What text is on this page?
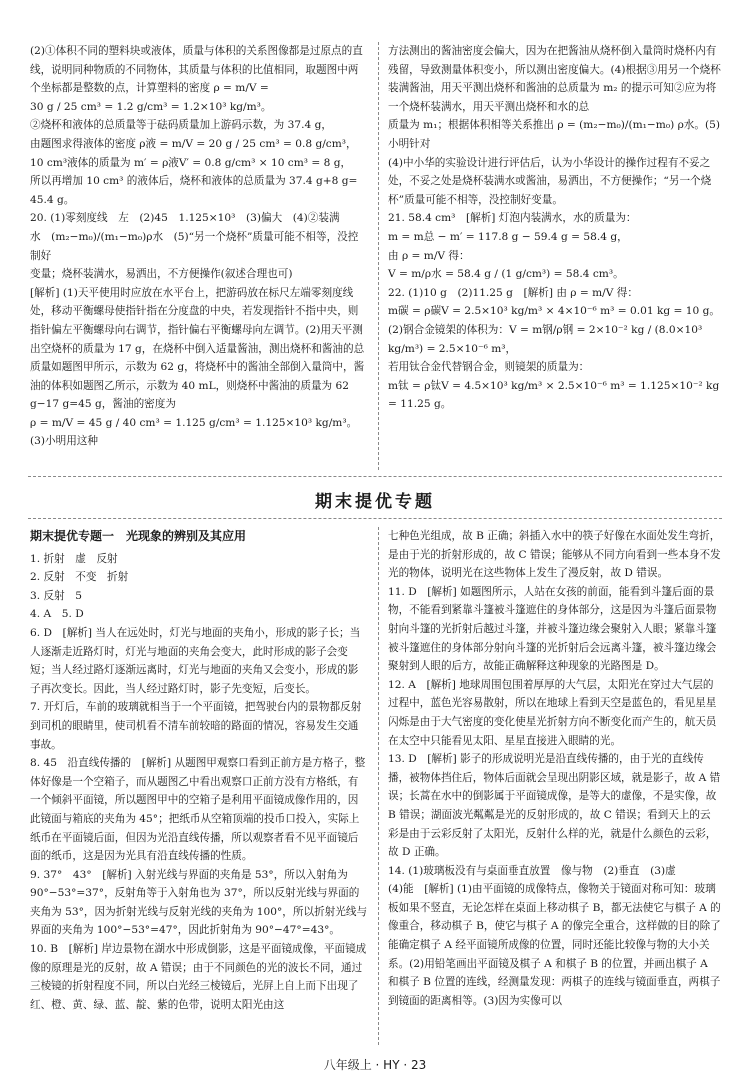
(2)①体积不同的塑料块或液体，质量与体积的关系图像都是过原点的直线，说明同种物质的不同物体，其质量与体积的比值相同，取题图中两个坐标都是整数的点，计算塑料的密度 ρ = m/V =

30 g / 25 cm³ = 1.2 g/cm³ = 1.2×10³ kg/m³。

②烧杯和液体的总质量等于砝码质量加上游码示数，为 37.4 g，

由题图求得液体的密度 ρ液 = m/V = 20 g / 25 cm³ = 0.8 g/cm³，

10 cm³液体的质量为 m′ = ρ液V′ = 0.8 g/cm³ × 10 cm³ = 8 g，

所以再增加 10 cm³ 的液体后，烧杯和液体的总质量为 37.4 g+8 g=

45.4 g。

20. (1)零刻度线　左　(2)45　1.125×10³　(3)偏大　(4)②装满

水　(m₂−m₀)/(m₁−m₀)ρ水　(5)“另一个烧杯”质量可能不相等，没控制好

变量；烧杯装满水，易洒出，不方便操作(叙述合理也可)

[解析] (1)天平使用时应放在水平台上，把游码放在标尺左端零刻度线处，移动平衡螺母使指针指在分度盘的中央，若发现指针不指中央，则指针偏左平衡螺母向右调节，指针偏右平衡螺母向左调节。(2)用天平测出空烧杯的质量为 17 g，在烧杯中倒入适量酱油，测出烧杯和酱油的总质量如题图甲所示，示数为 62 g，将烧杯中的酱油全部倒入量筒中，酱油的体积如题图乙所示，示数为 40 mL，则烧杯中酱油的质量为 62 g−17 g=45 g，酱油的密度为

ρ = m/V = 45 g / 40 cm³ = 1.125 g/cm³ = 1.125×10³ kg/m³。(3)小明用这种

方法测出的酱油密度会偏大，因为在把酱油从烧杯倒入量筒时烧杯内有残留，导致测量体积变小，所以测出密度偏大。(4)根据③用另一个烧杯装满酱油，用天平测出烧杯和酱油的总质量为 m₂ 的提示可知②应为将一个烧杯装满水，用天平测出烧杯和水的总

质量为 m₁；根据体积相等关系推出 ρ = (m₂−m₀)/(m₁−m₀) ρ水。(5)小明针对

(4)中小华的实验设计进行评估后，认为小华设计的操作过程有不妥之处，不妥之处是烧杯装满水或酱油，易洒出，不方便操作；“另一个烧杯”质量可能不相等，没控制好变量。

21. 58.4 cm³　[解析] 灯泡内装满水，水的质量为：

m = m总 − m′ = 117.8 g − 59.4 g = 58.4 g，

由 ρ = m/V 得：

V = m/ρ水 = 58.4 g / (1 g/cm³) = 58.4 cm³。

22. (1)10 g　(2)11.25 g　[解析] 由 ρ = m/V 得：

m碳 = ρ碳V = 2.5×10³ kg/m³ × 4×10⁻⁶ m³ = 0.01 kg = 10 g。

(2)钢合金镜架的体积为：V = m钢/ρ钢 = 2×10⁻² kg / (8.0×10³ kg/m³) = 2.5×10⁻⁶ m³，

若用钛合金代替钢合金，则镜架的质量为：

m钛 = ρ钛V = 4.5×10³ kg/m³ × 2.5×10⁻⁶ m³ = 1.125×10⁻² kg = 11.25 g。

期末提优专题

期末提优专题一　光现象的辨别及其应用

1. 折射　虚　反射

2. 反射　不变　折射

3. 反射　5

4. A　5. D

6. D　[解析] 当人在远处时，灯光与地面的夹角小，形成的影子长；当人逐渐走近路灯时，灯光与地面的夹角会变大，此时形成的影子会变短；当人经过路灯逐渐远离时，灯光与地面的夹角又会变小，形成的影子再次变长。因此，当人经过路灯时，影子先变短，后变长。

7. 开灯后，车前的玻璃就相当于一个平面镜，把驾驶台内的景物都反射到司机的眼睛里，使司机看不清车前较暗的路面的情况，容易发生交通事故。

8. 45　沿直线传播的　[解析] 从题图甲观察口看到正前方是方格子，整体好像是一个空箱子，而从题图乙中看出观察口正前方没有方格纸，有一个倾斜平面镜，所以题图甲中的空箱子是利用平面镜成像作用的，因此镜面与箱底的夹角为 45°；把纸币从空箱顶端的投币口投入，实际上纸币在平面镜后面，但因为光沿直线传播，所以观察者看不见平面镜后面的纸币，这是因为光具有沿直线传播的性质。

9. 37°　43°　[解析] 入射光线与界面的夹角是 53°，所以入射角为 90°−53°=37°，反射角等于入射角也为 37°，所以反射光线与界面的夹角为 53°，因为折射光线与反射光线的夹角为 100°，所以折射光线与界面的夹角为 100°−53°=47°，因此折射角为 90°−47°=43°。

10. B　[解析] 岸边景物在湖水中形成倒影，这是平面镜成像，平面镜成像的原理是光的反射，故 A 错误；由于不同颜色的光的波长不同，通过三棱镜的折射程度不同，所以白光经三棱镜后，光屏上自上而下出现了红、橙、黄、绿、蓝、靛、紫的色带，说明太阳光由这

七种色光组成，故 B 正确；斜插入水中的筷子好像在水面处发生弯折，是由于光的折射形成的，故 C 错误；能够从不同方向看到一些本身不发光的物体，说明光在这些物体上发生了漫反射，故 D 错误。

11. D　[解析] 如题图所示，人站在女孩的前面，能看到斗篷后面的景物，不能看到紧靠斗篷被斗篷遮住的身体部分，这是因为斗篷后面景物射向斗篷的光折射后越过斗篷，并被斗篷边缘会聚射入人眼；紧靠斗篷被斗篷遮住的身体部分射向斗篷的光折射后会远离斗篷，被斗篷边缘会聚射到人眼的后方，故能正确解释这种现象的光路图是 D。

12. A　[解析] 地球周围包围着厚厚的大气层，太阳光在穿过大气层的过程中，蓝色光容易散射，所以在地球上看到天空是蓝色的，看见星星闪烁是由于大气密度的变化使星光折射方向不断变化而产生的，航天员在太空中只能看见太阳、星星直接进入眼睛的光。

13. D　[解析] 影子的形成说明光是沿直线传播的，由于光的直线传播，被物体挡住后，物体后面就会呈现出阴影区域，就是影子，故 A 错误；长蒿在水中的倒影属于平面镜成像，是等大的虚像，不是实像，故 B 错误；湖面波光粼粼是光的反射形成的，故 C 错误；看到天上的云彩是由于云彩反射了太阳光，反射什么样的光，就是什么颜色的云彩，故 D 正确。

14. (1)玻璃板没有与桌面垂直放置　像与物　(2)垂直　(3)虚

(4)能　[解析] (1)由平面镜的成像特点，像物关于镜面对称可知：玻璃板如果不竖直，无论怎样在桌面上移动棋子 B，都无法使它与棋子 A 的像重合，移动棋子 B，使它与棋子 A 的像完全重合，这样做的目的除了能确定棋子 A 经平面镜所成像的位置，同时还能比较像与物的大小关系。(2)用铅笔画出平面镜及棋子 A 和棋子 B 的位置，并画出棋子 A 和棋子 B 位置的连线，经测量发现：两棋子的连线与镜面垂直，两棋子到镜面的距离相等。(3)因为实像可以

八年级上 · HY · 23
